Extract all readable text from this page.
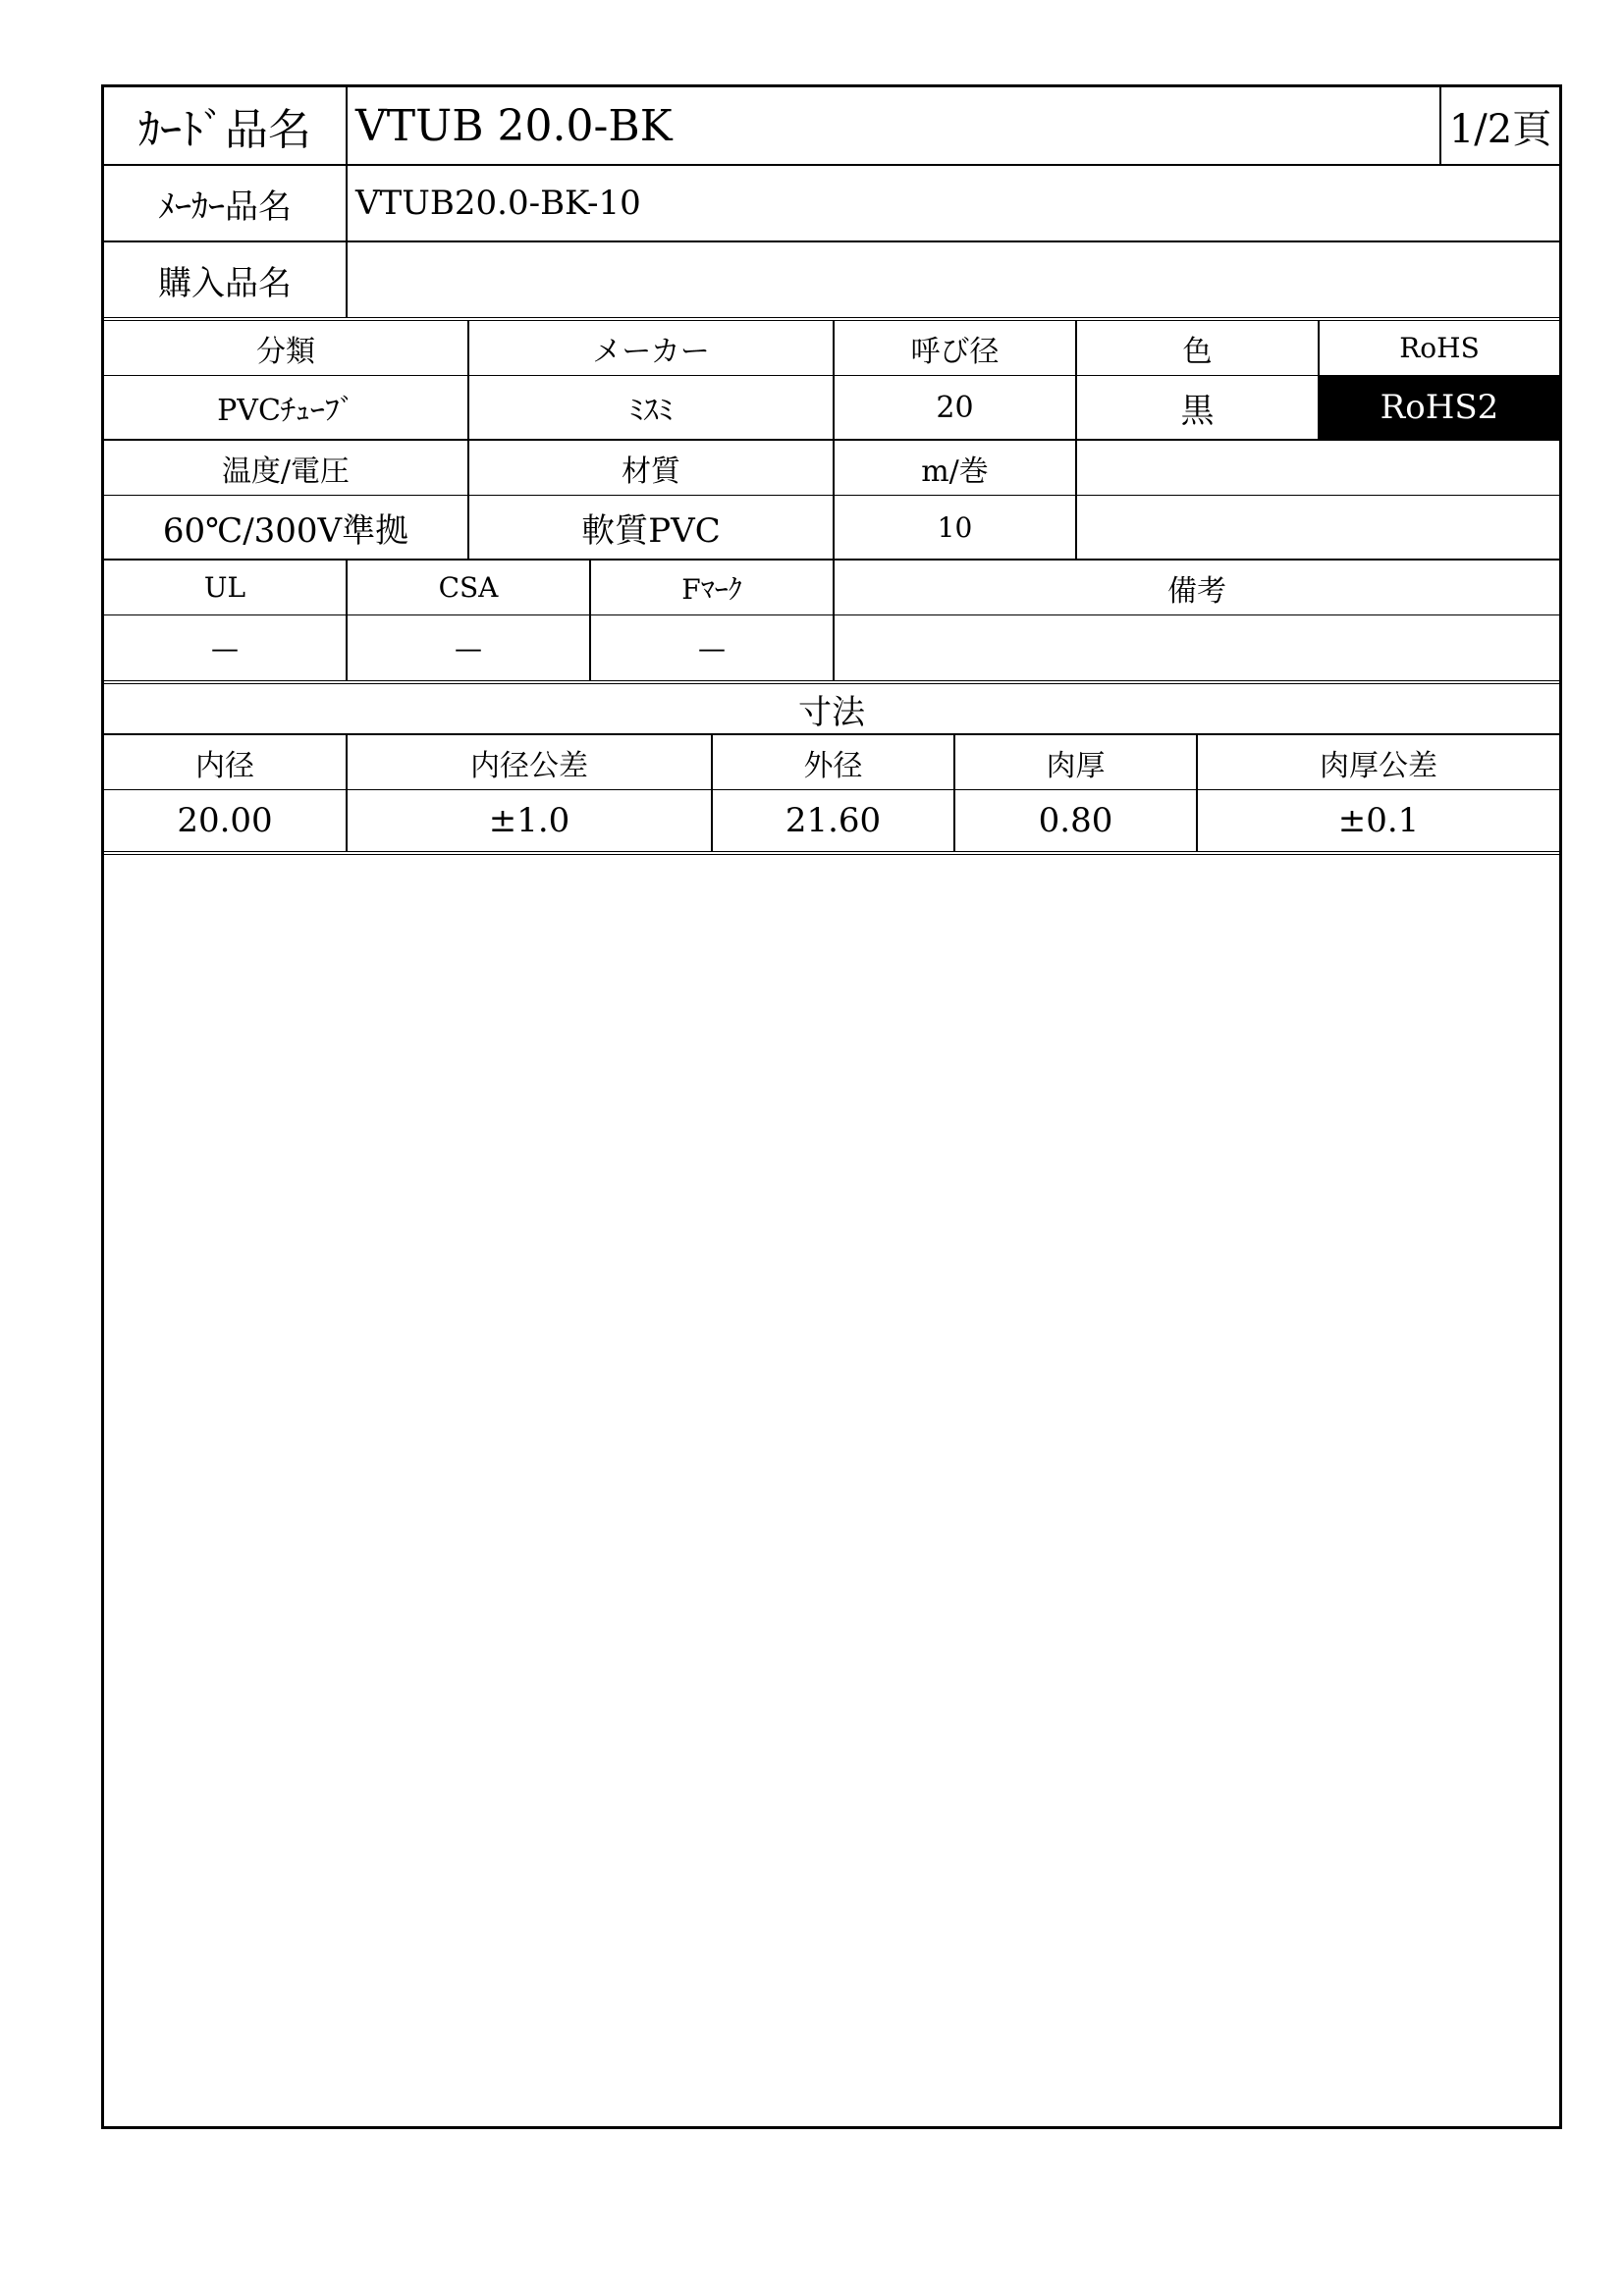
ｶｰﾄﾞ品名	VTUB 20.0-BK	1/2頁
ﾒｰｶｰ品名	VTUB20.0-BK-10
購入品名
分類	メーカー	呼び径	色	RoHS
PVCﾁｭｰﾌﾞ	ﾐｽﾐ	20	黒	RoHS2
温度/電圧	材質	m/巻
60℃/300V準拠	軟質PVC	10
UL	CSA	Fﾏｰｸ	備考
—	—	—
寸法
内径	内径公差	外径	肉厚	肉厚公差
20.00	±1.0	21.60	0.80	±0.1
